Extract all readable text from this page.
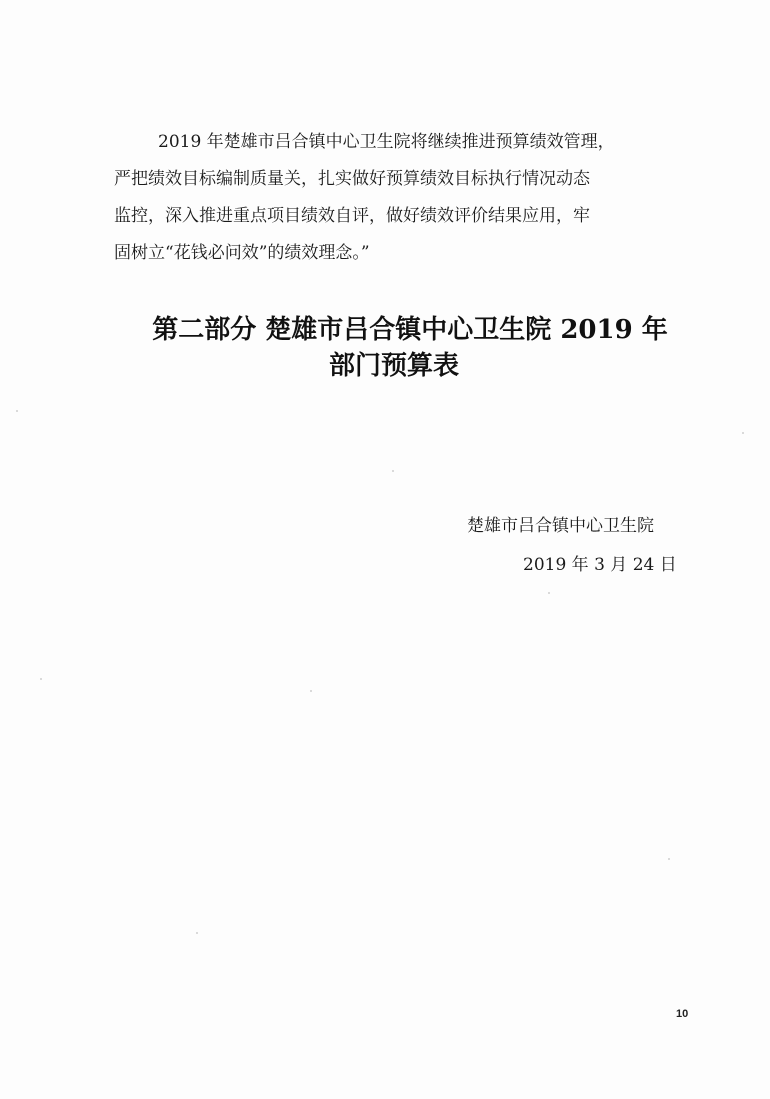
2019 年楚雄市吕合镇中心卫生院将继续推进预算绩效管理，
严把绩效目标编制质量关，扎实做好预算绩效目标执行情况动态
监控，深入推进重点项目绩效自评，做好绩效评价结果应用，牢
固树立“花钱必问效”的绩效理念。”
第二部分 楚雄市吕合镇中心卫生院 2019 年
部门预算表
楚雄市吕合镇中心卫生院
2019 年 3 月 24 日
10
